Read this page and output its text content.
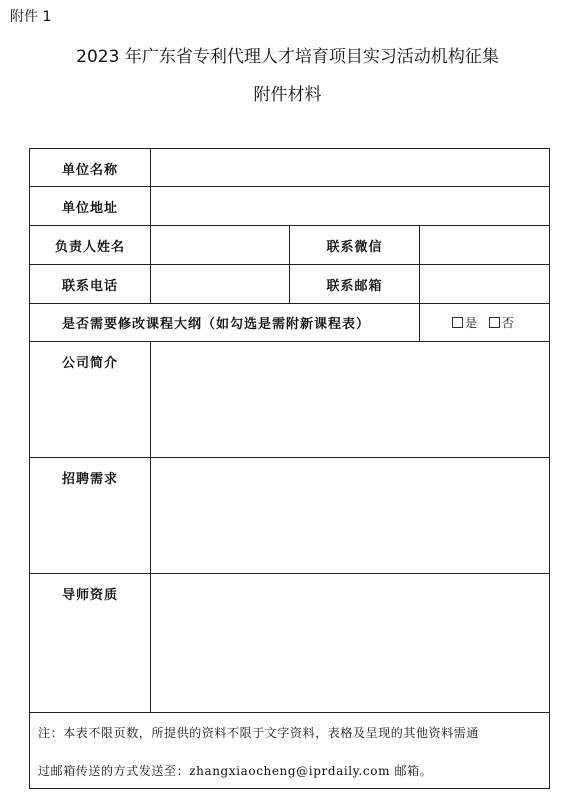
附件 1
2023 年广东省专利代理人才培育项目实习活动机构征集
附件材料
单位名称
单位地址
负责人姓名	联系微信
联系电话	联系邮箱
是否需要修改课程大纲（如勾选是需附新课程表）	是 否
公司简介
招聘需求
导师资质
注：本表不限页数，所提供的资料不限于文字资料，表格及呈现的其他资料需通
过邮箱传送的方式发送至：zhangxiaocheng@iprdaily.com 邮箱。
